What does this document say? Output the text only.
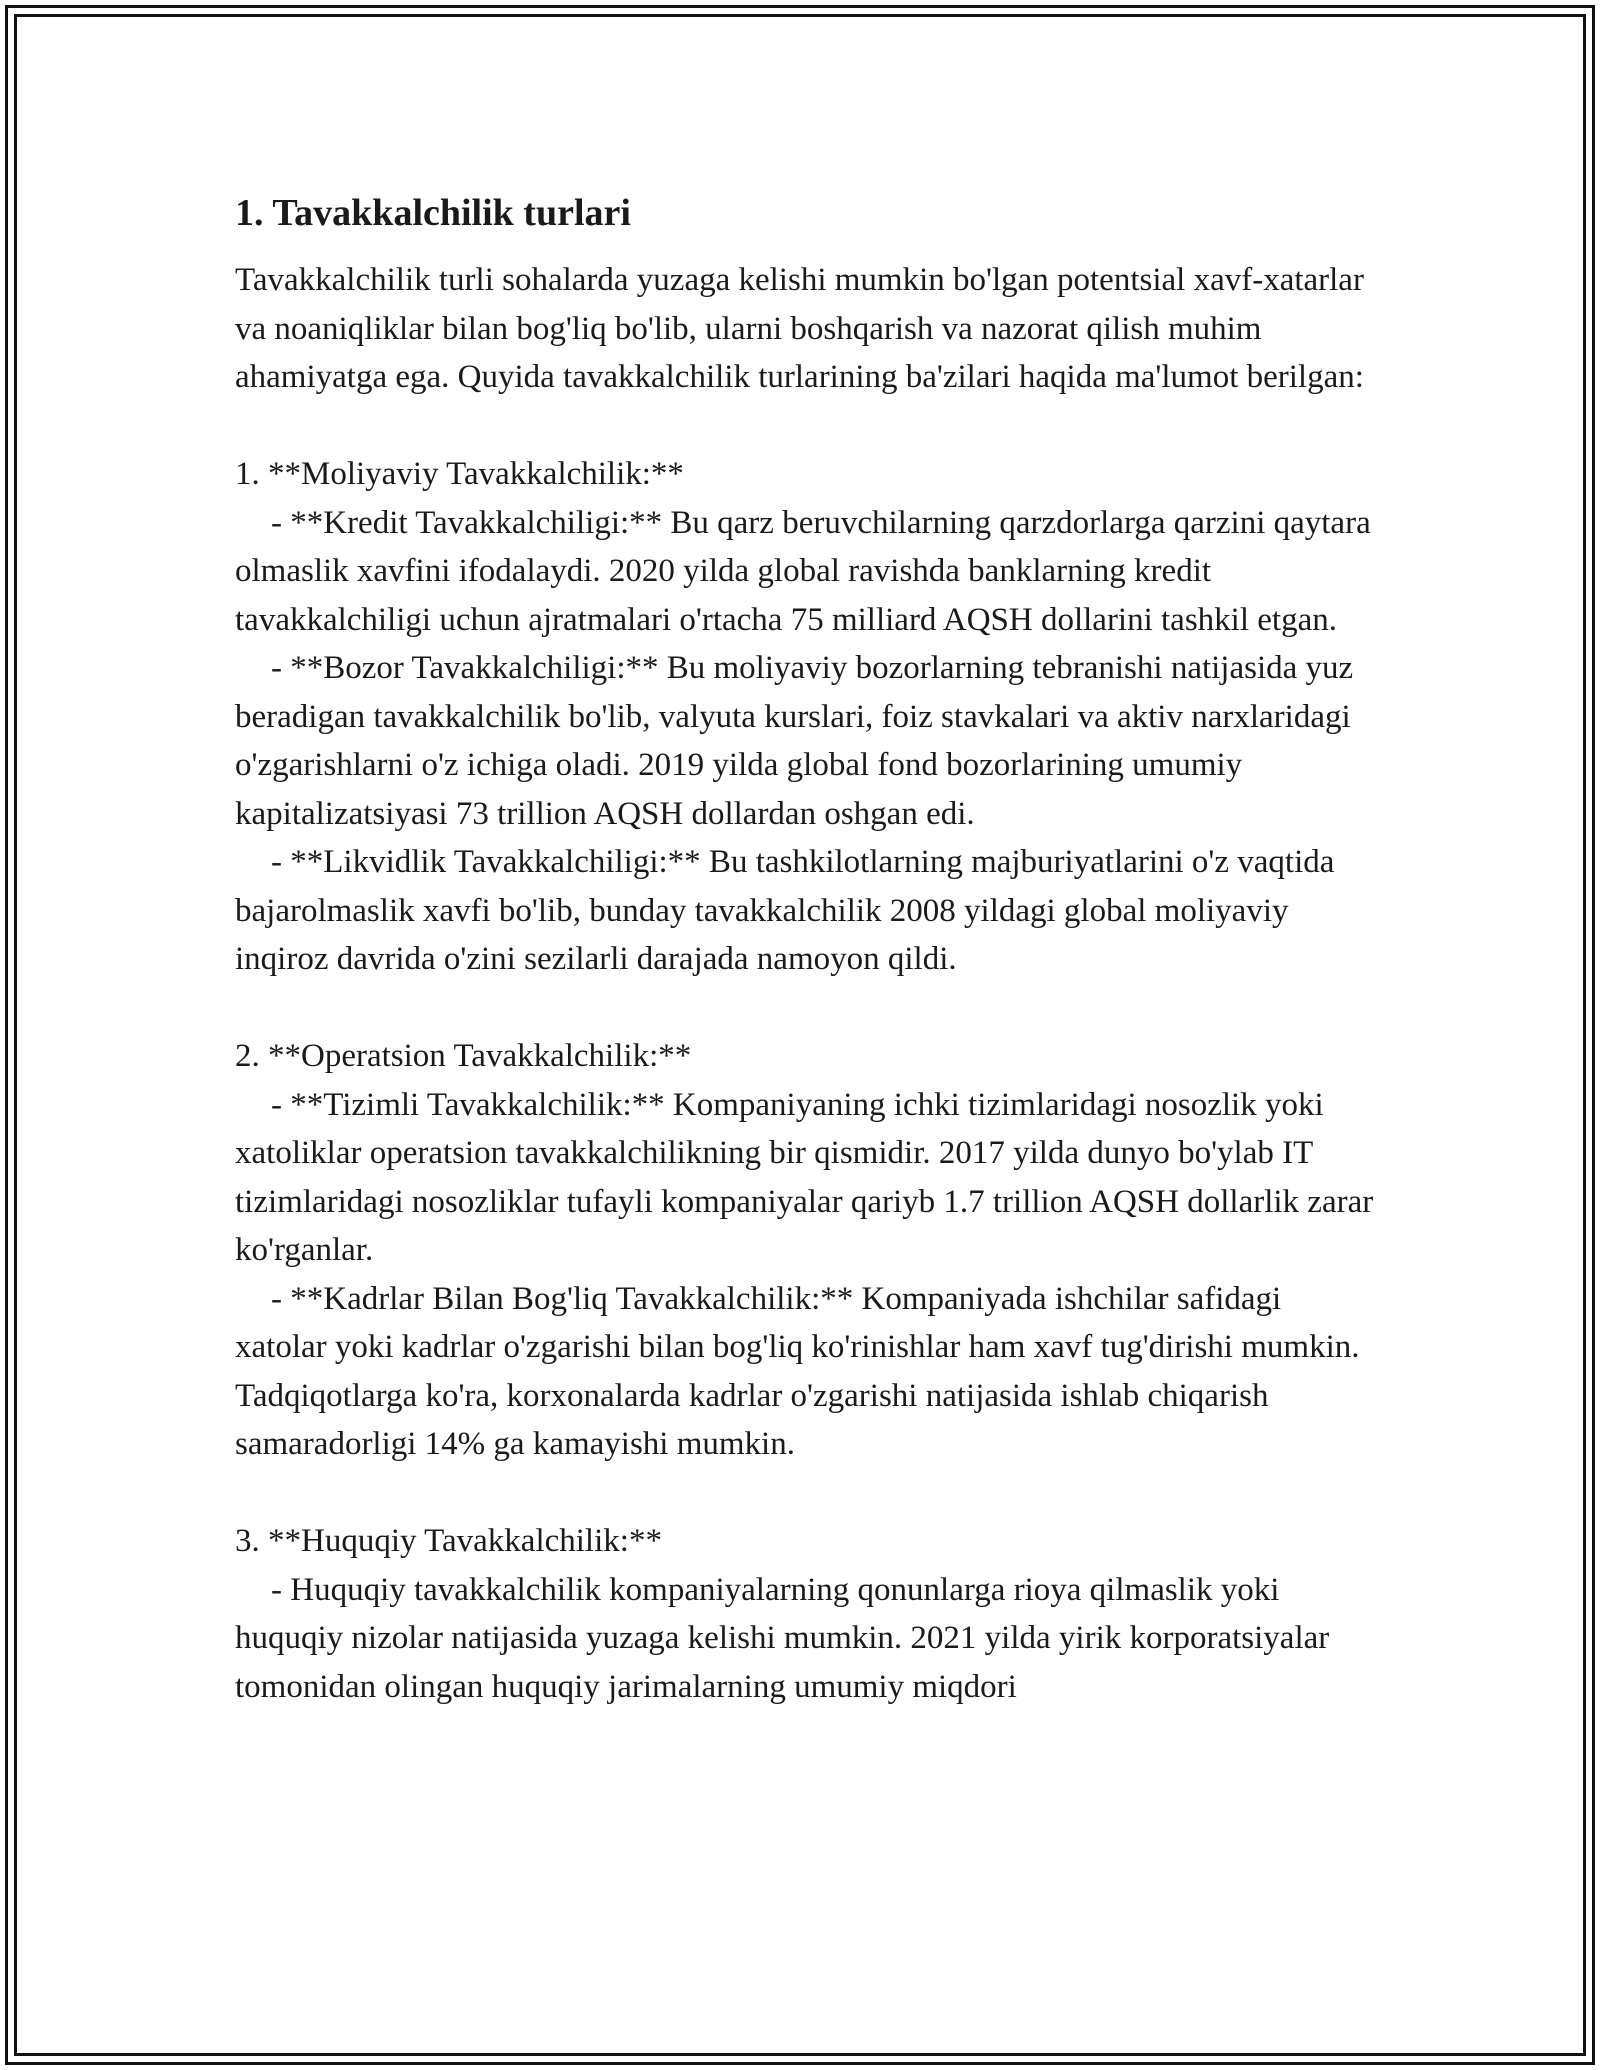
1. Tavakkalchilik turlari

Tavakkalchilik turli sohalarda yuzaga kelishi mumkin bo'lgan potentsial xavf-xatarlar va noaniqliklar bilan bog'liq bo'lib, ularni boshqarish va nazorat qilish muhim ahamiyatga ega. Quyida tavakkalchilik turlarining ba'zilari haqida ma'lumot berilgan:

1. **Moliyaviy Tavakkalchilik:**

- **Kredit Tavakkalchiligi:** Bu qarz beruvchilarning qarzdorlarga qarzini qaytara olmaslik xavfini ifodalaydi. 2020 yilda global ravishda banklarning kredit tavakkalchiligi uchun ajratmalari o'rtacha 75 milliard AQSH dollarini tashkil etgan.

- **Bozor Tavakkalchiligi:** Bu moliyaviy bozorlarning tebranishi natijasida yuz beradigan tavakkalchilik bo'lib, valyuta kurslari, foiz stavkalari va aktiv narxlaridagi o'zgarishlarni o'z ichiga oladi. 2019 yilda global fond bozorlarining umumiy kapitalizatsiyasi 73 trillion AQSH dollardan oshgan edi.

- **Likvidlik Tavakkalchiligi:** Bu tashkilotlarning majburiyatlarini o'z vaqtida bajarolmaslik xavfi bo'lib, bunday tavakkalchilik 2008 yildagi global moliyaviy inqiroz davrida o'zini sezilarli darajada namoyon qildi.

2. **Operatsion Tavakkalchilik:**

- **Tizimli Tavakkalchilik:** Kompaniyaning ichki tizimlaridagi nosozlik yoki xatoliklar operatsion tavakkalchilikning bir qismidir. 2017 yilda dunyo bo'ylab IT tizimlaridagi nosozliklar tufayli kompaniyalar qariyb 1.7 trillion AQSH dollarlik zarar ko'rganlar.

- **Kadrlar Bilan Bog'liq Tavakkalchilik:** Kompaniyada ishchilar safidagi xatolar yoki kadrlar o'zgarishi bilan bog'liq ko'rinishlar ham xavf tug'dirishi mumkin. Tadqiqotlarga ko'ra, korxonalarda kadrlar o'zgarishi natijasida ishlab chiqarish samaradorligi 14% ga kamayishi mumkin.

3. **Huquqiy Tavakkalchilik:**

- Huquqiy tavakkalchilik kompaniyalarning qonunlarga rioya qilmaslik yoki huquqiy nizolar natijasida yuzaga kelishi mumkin. 2021 yilda yirik korporatsiyalar tomonidan olingan huquqiy jarimalarning umumiy miqdori
